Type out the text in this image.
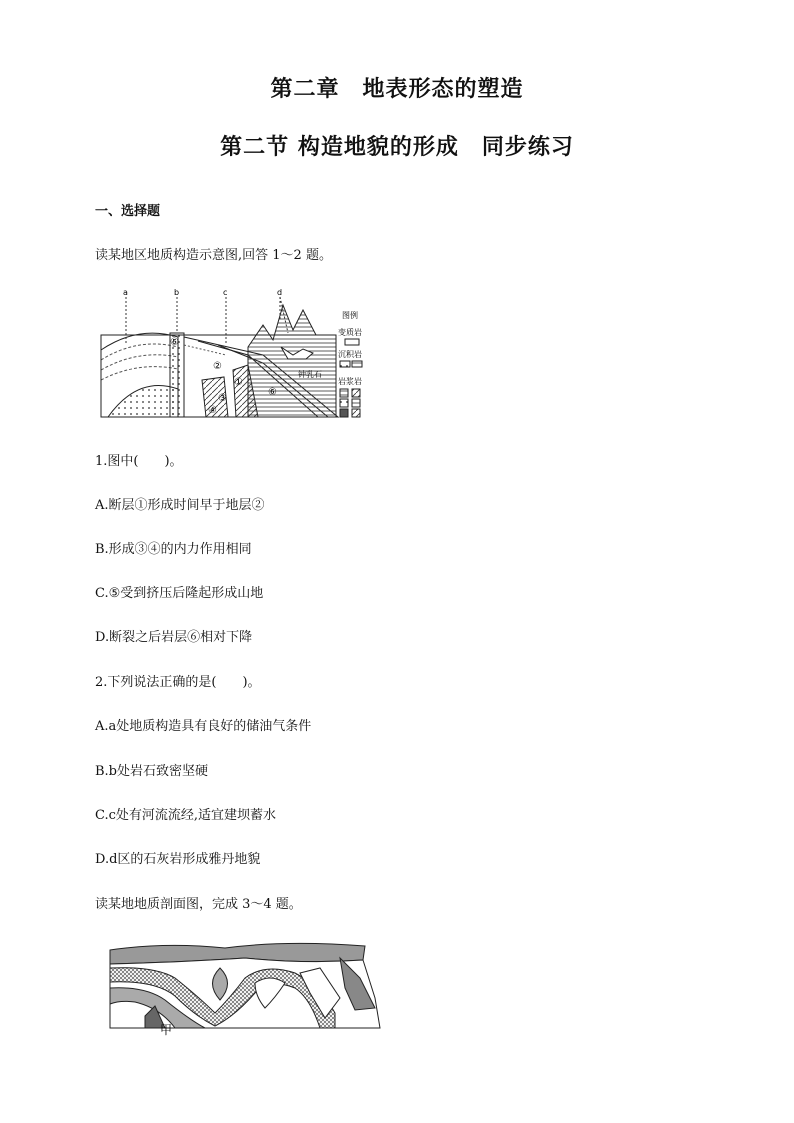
第二章　地表形态的塑造
第二节 构造地貌的形成　同步练习
一、选择题
读某地区地质构造示意图,回答 1～2 题。
a	b	c	d
①
②
③
④
⑤
⑥
钟乳石
图例
变质岩
沉积岩
岩浆岩
1.图中(　　)。
A.断层①形成时间早于地层②
B.形成③④的内力作用相同
C.⑤受到挤压后隆起形成山地
D.断裂之后岩层⑥相对下降
2.下列说法正确的是(　　)。
A.a处地质构造具有良好的储油气条件
B.b处岩石致密坚硬
C.c处有河流流经,适宜建坝蓄水
D.d区的石灰岩形成雅丹地貌
读某地地质剖面图，完成 3～4 题。
甲
